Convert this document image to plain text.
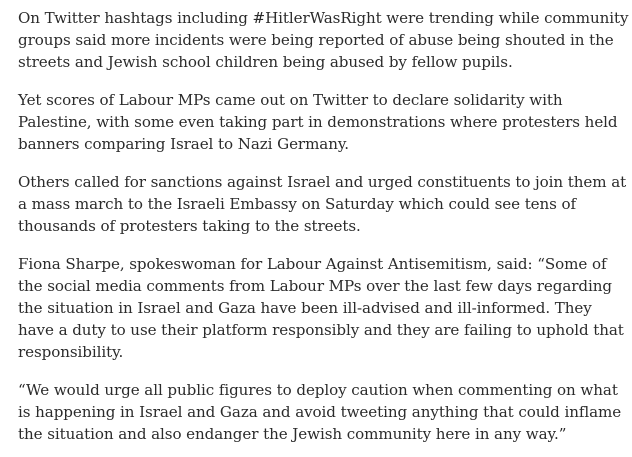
On Twitter hashtags including #HitlerWasRight were trending while community
groups said more incidents were being reported of abuse being shouted in the
streets and Jewish school children being abused by fellow pupils.

Yet scores of Labour MPs came out on Twitter to declare solidarity with
Palestine, with some even taking part in demonstrations where protesters held
banners comparing Israel to Nazi Germany.

Others called for sanctions against Israel and urged constituents to join them at
a mass march to the Israeli Embassy on Saturday which could see tens of
thousands of protesters taking to the streets.

Fiona Sharpe, spokeswoman for Labour Against Antisemitism, said: “Some of
the social media comments from Labour MPs over the last few days regarding
the situation in Israel and Gaza have been ill-advised and ill-informed. They
have a duty to use their platform responsibly and they are failing to uphold that
responsibility.

“We would urge all public figures to deploy caution when commenting on what
is happening in Israel and Gaza and avoid tweeting anything that could inflame
the situation and also endanger the Jewish community here in any way.”
